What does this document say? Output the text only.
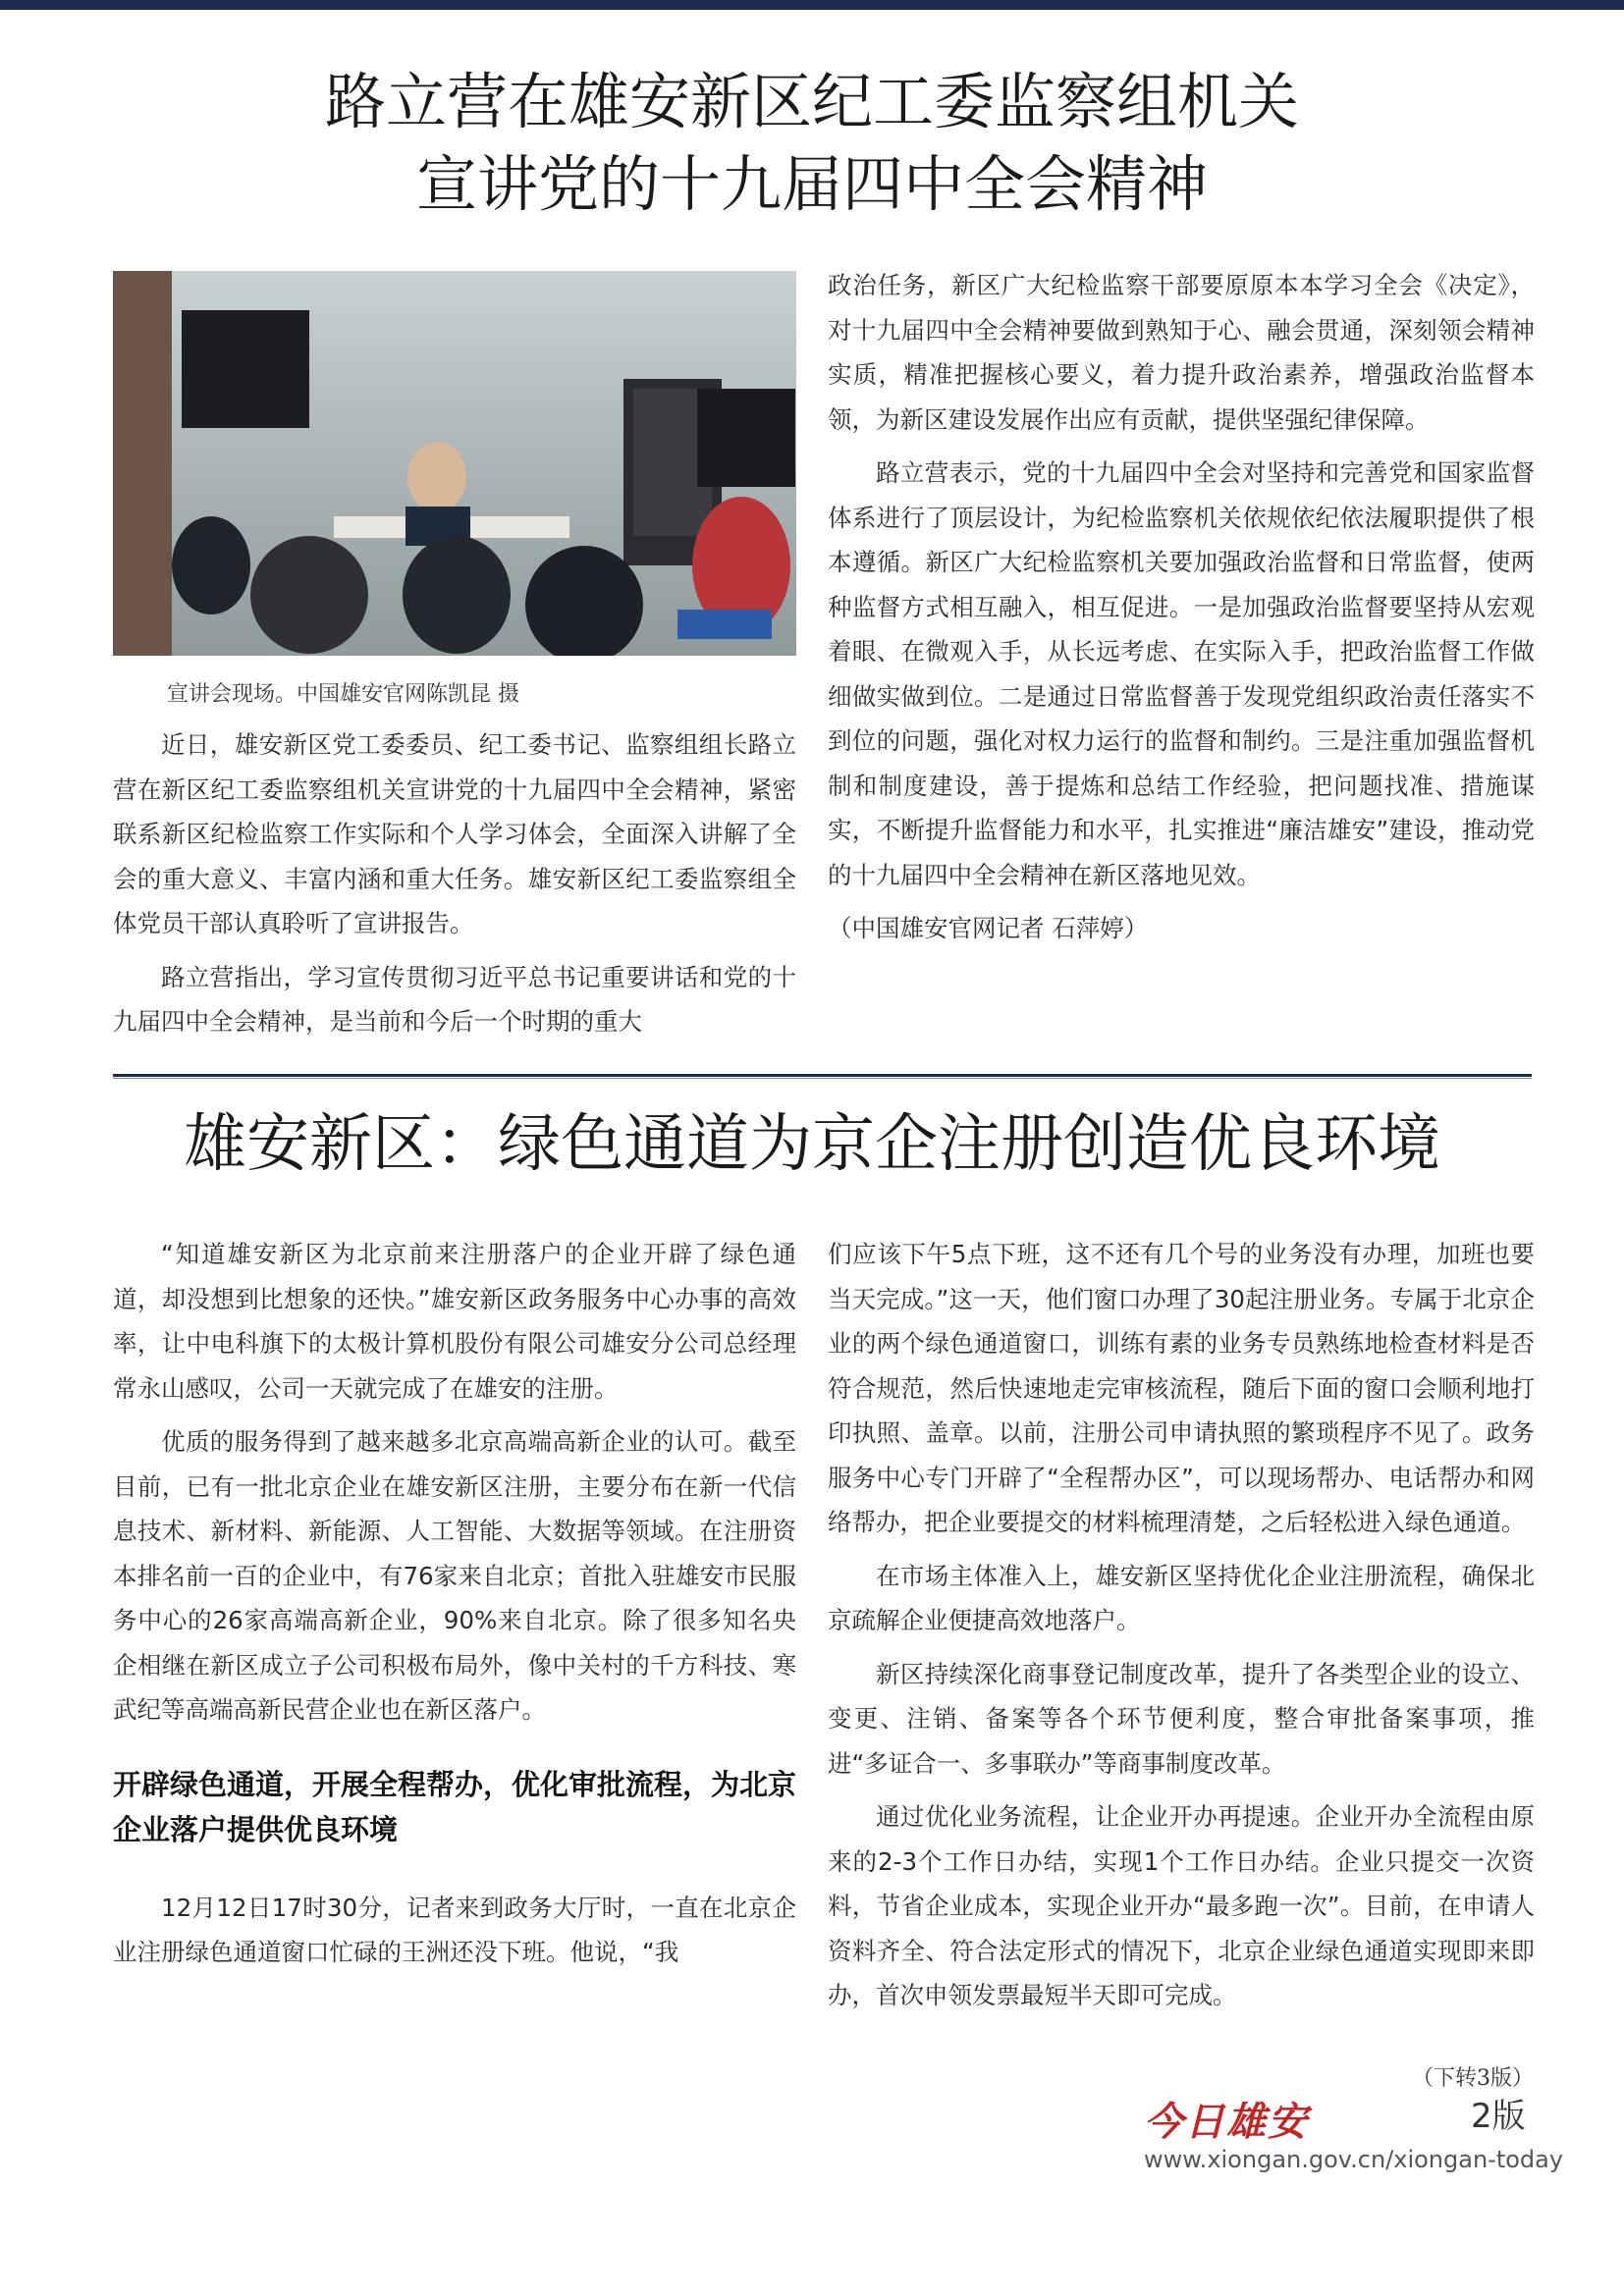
路立营在雄安新区纪工委监察组机关
宣讲党的十九届四中全会精神

宣讲会现场。中国雄安官网陈凯昆 摄

近日，雄安新区党工委委员、纪工委书记、监察组组长路立营在新区纪工委监察组机关宣讲党的十九届四中全会精神，紧密联系新区纪检监察工作实际和个人学习体会，全面深入讲解了全会的重大意义、丰富内涵和重大任务。雄安新区纪工委监察组全体党员干部认真聆听了宣讲报告。

路立营指出，学习宣传贯彻习近平总书记重要讲话和党的十九届四中全会精神，是当前和今后一个时期的重大

政治任务，新区广大纪检监察干部要原原本本学习全会《决定》，对十九届四中全会精神要做到熟知于心、融会贯通，深刻领会精神实质，精准把握核心要义，着力提升政治素养，增强政治监督本领，为新区建设发展作出应有贡献，提供坚强纪律保障。

路立营表示，党的十九届四中全会对坚持和完善党和国家监督体系进行了顶层设计，为纪检监察机关依规依纪依法履职提供了根本遵循。新区广大纪检监察机关要加强政治监督和日常监督，使两种监督方式相互融入，相互促进。一是加强政治监督要坚持从宏观着眼、在微观入手，从长远考虑、在实际入手，把政治监督工作做细做实做到位。二是通过日常监督善于发现党组织政治责任落实不到位的问题，强化对权力运行的监督和制约。三是注重加强监督机制和制度建设，善于提炼和总结工作经验，把问题找准、措施谋实，不断提升监督能力和水平，扎实推进“廉洁雄安”建设，推动党的十九届四中全会精神在新区落地见效。

（中国雄安官网记者 石萍婷）

雄安新区：绿色通道为京企注册创造优良环境

“知道雄安新区为北京前来注册落户的企业开辟了绿色通道，却没想到比想象的还快。”雄安新区政务服务中心办事的高效率，让中电科旗下的太极计算机股份有限公司雄安分公司总经理常永山感叹，公司一天就完成了在雄安的注册。

优质的服务得到了越来越多北京高端高新企业的认可。截至目前，已有一批北京企业在雄安新区注册，主要分布在新一代信息技术、新材料、新能源、人工智能、大数据等领域。在注册资本排名前一百的企业中，有76家来自北京；首批入驻雄安市民服务中心的26家高端高新企业，90%来自北京。除了很多知名央企相继在新区成立子公司积极布局外，像中关村的千方科技、寒武纪等高端高新民营企业也在新区落户。

开辟绿色通道，开展全程帮办，优化审批流程，为北京企业落户提供优良环境

12月12日17时30分，记者来到政务大厅时，一直在北京企业注册绿色通道窗口忙碌的王洲还没下班。他说，“我

们应该下午5点下班，这不还有几个号的业务没有办理，加班也要当天完成。”这一天，他们窗口办理了30起注册业务。专属于北京企业的两个绿色通道窗口，训练有素的业务专员熟练地检查材料是否符合规范，然后快速地走完审核流程，随后下面的窗口会顺利地打印执照、盖章。以前，注册公司申请执照的繁琐程序不见了。政务服务中心专门开辟了“全程帮办区”，可以现场帮办、电话帮办和网络帮办，把企业要提交的材料梳理清楚，之后轻松进入绿色通道。

在市场主体准入上，雄安新区坚持优化企业注册流程，确保北京疏解企业便捷高效地落户。

新区持续深化商事登记制度改革，提升了各类型企业的设立、变更、注销、备案等各个环节便利度，整合审批备案事项，推进“多证合一、多事联办”等商事制度改革。

通过优化业务流程，让企业开办再提速。企业开办全流程由原来的2-3个工作日办结，实现1个工作日办结。企业只提交一次资料，节省企业成本，实现企业开办“最多跑一次”。目前，在申请人资料齐全、符合法定形式的情况下，北京企业绿色通道实现即来即办，首次申领发票最短半天即可完成。

（下转3版）
今日雄安	2版
www.xiongan.gov.cn/xiongan-today
